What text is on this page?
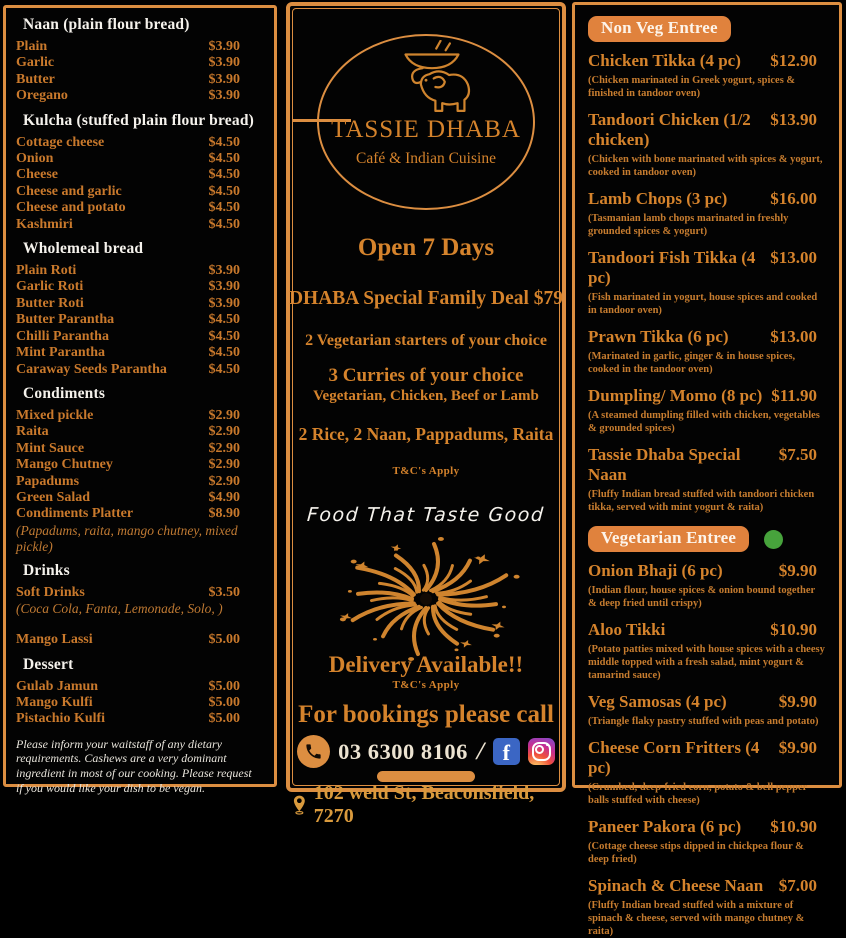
Naan (plain flour bread)
Plain	$3.90
Garlic	$3.90
Butter	$3.90
Oregano	$3.90
Kulcha (stuffed plain flour bread)
Cottage cheese	$4.50
Onion	$4.50
Cheese	$4.50
Cheese and garlic	$4.50
Cheese and potato	$4.50
Kashmiri	$4.50
Wholemeal bread
Plain Roti	$3.90
Garlic Roti	$3.90
Butter Roti	$3.90
Butter Parantha	$4.50
Chilli Parantha	$4.50
Mint Parantha	$4.50
Caraway Seeds Parantha	$4.50
Condiments
Mixed pickle	$2.90
Raita	$2.90
Mint Sauce	$2.90
Mango Chutney	$2.90
Papadums	$2.90
Green Salad	$4.90
Condiments Platter	$8.90
(Papadums, raita, mango chutney, mixed pickle)
Drinks
Soft Drinks	$3.50
(Coca Cola, Fanta, Lemonade, Solo, )
Mango Lassi	$5.00
Dessert
Gulab Jamun	$5.00
Mango Kulfi	$5.00
Pistachio Kulfi	$5.00

Please inform your waitstaff of any dietary requirements. Cashews are a very dominant ingredient in most of our cooking. Please request if you would like your dish to be vegan.

TASSIE DHABA
Café & Indian Cuisine
Open 7 Days
DHABA Special Family Deal $79
2 Vegetarian starters of your choice
3 Curries of your choice
Vegetarian, Chicken, Beef or Lamb
2 Rice, 2 Naan, Pappadums, Raita
T&C's Apply
Food That Taste Good
Delivery Available!!
T&C's Apply
For bookings please call
03 6300 8106 / f
102 weld St, Beaconsfield, 7270
Non Veg Entree
Chicken Tikka (4 pc) $12.90
(Chicken marinated in Greek yogurt, spices & finished in tandoor oven)
Tandoori Chicken (1/2 chicken)
$13.90
(Chicken with bone marinated with spices & yogurt, cooked in tandoor oven)
Lamb Chops (3 pc)	$16.00
(Tasmanian lamb chops marinated in freshly grounded spices & yogurt)
Tandoori Fish Tikka (4 pc)
$13.00
(Fish marinated in yogurt, house spices and cooked in tandoor oven)
Prawn Tikka (6 pc) $13.00
(Marinated in garlic, ginger & in house spices, cooked in the tandoor oven)
Dumpling/ Momo (8 pc) $11.90
(A steamed dumpling filled with chicken, vegetables & grounded spices)
Tassie Dhaba Special Naan
$7.50
(Fluffy Indian bread stuffed with tandoori chicken tikka, served with mint yogurt & raita)
Vegetarian Entree
Onion Bhaji (6 pc)	$9.90
(Indian flour, house spices & onion bound together & deep fried until crispy)
Aloo Tikki	$10.90
(Potato patties mixed with house spices with a cheesy middle topped with a fresh salad, mint yogurt & tamarind sauce)
Veg Samosas (4 pc)	$9.90
(Triangle flaky pastry stuffed with peas and potato)
Cheese Corn Fritters (4 pc)
$9.90
(Crumbed, deep-fried corn, potato & bell pepper balls stuffed with cheese)
Paneer Pakora (6 pc) $10.90
(Cottage cheese stips dipped in chickpea flour & deep fried)
Spinach & Cheese Naan $7.00
(Fluffy Indian bread stuffed with a mixture of spinach & cheese, served with mango chutney & raita)
